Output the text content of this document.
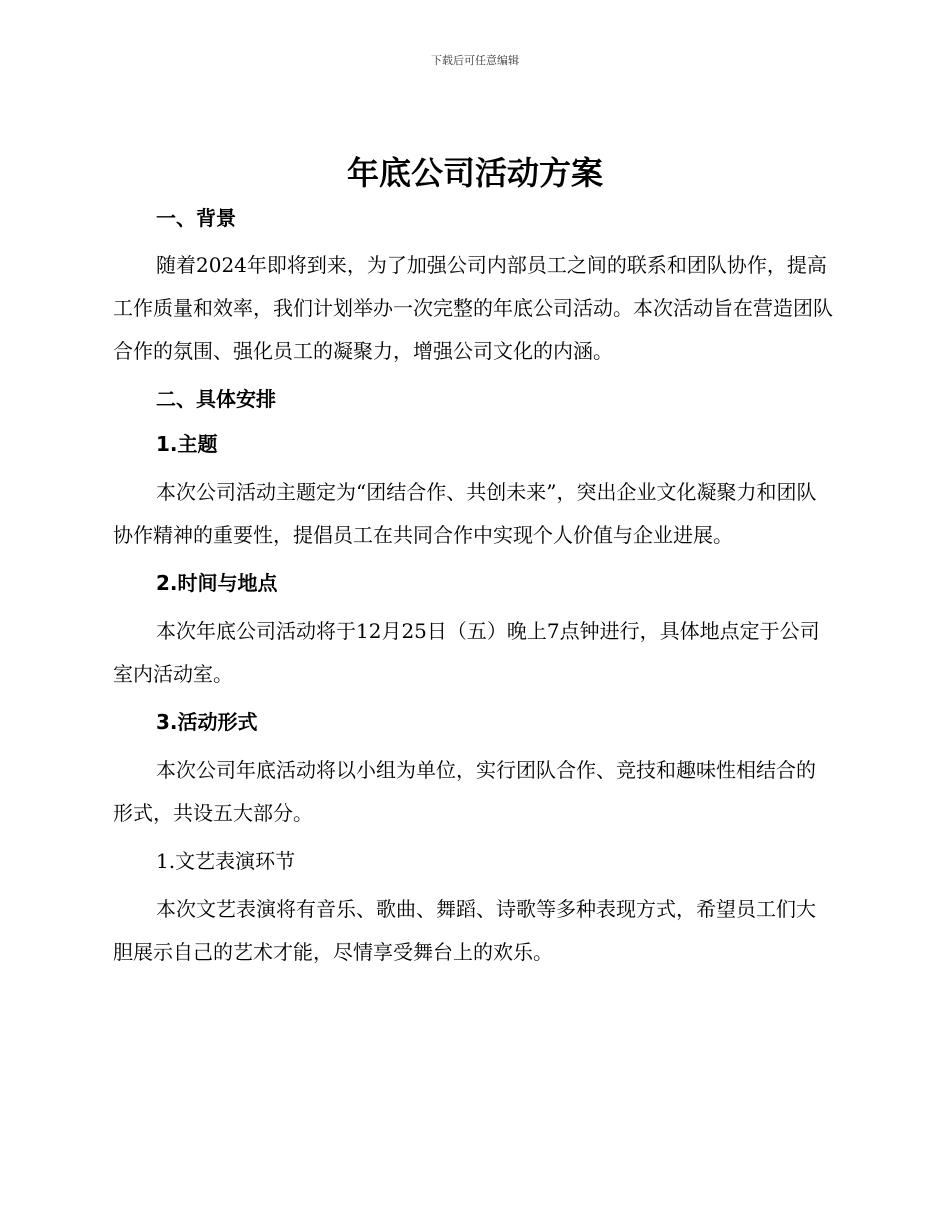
下载后可任意编辑
年底公司活动方案
一、背景

随着2024年即将到来，为了加强公司内部员工之间的联系和团队协作，提高工作质量和效率，我们计划举办一次完整的年底公司活动。本次活动旨在营造团队合作的氛围、强化员工的凝聚力，增强公司文化的内涵。

二、具体安排
1.主题

本次公司活动主题定为“团结合作、共创未来”，突出企业文化凝聚力和团队协作精神的重要性，提倡员工在共同合作中实现个人价值与企业进展。

2.时间与地点

本次年底公司活动将于12月25日（五）晚上7点钟进行，具体地点定于公司室内活动室。

3.活动形式

本次公司年底活动将以小组为单位，实行团队合作、竞技和趣味性相结合的形式，共设五大部分。

1.文艺表演环节

本次文艺表演将有音乐、歌曲、舞蹈、诗歌等多种表现方式，希望员工们大胆展示自己的艺术才能，尽情享受舞台上的欢乐。
